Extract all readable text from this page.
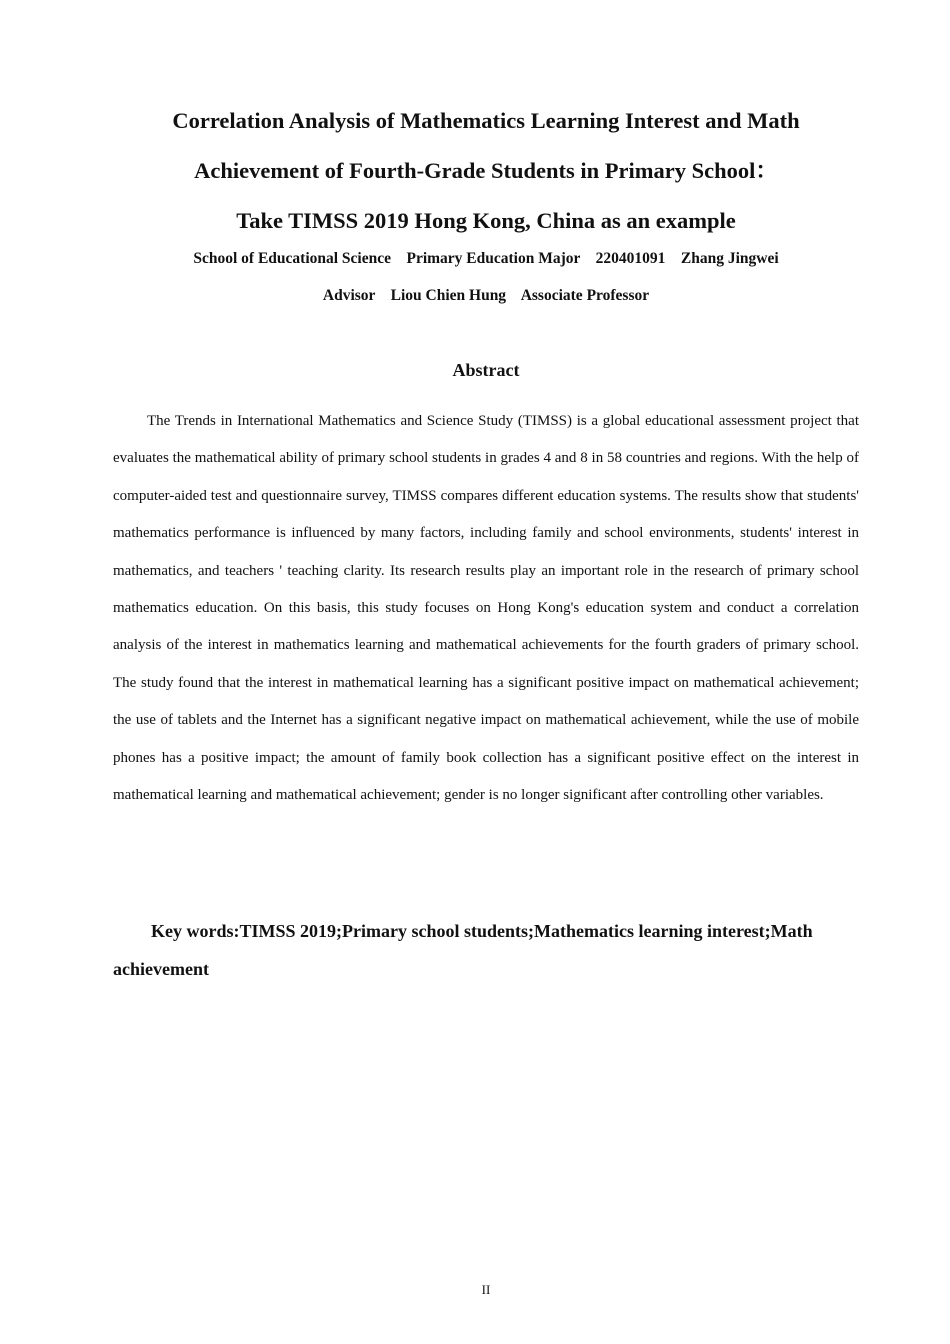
Correlation Analysis of Mathematics Learning Interest and Math
Achievement of Fourth-Grade Students in Primary School：
Take TIMSS 2019 Hong Kong, China as an example
School of Educational Science    Primary Education Major    220401091    Zhang Jingwei
Advisor    Liou Chien Hung    Associate Professor
Abstract

The Trends in International Mathematics and Science Study (TIMSS) is a global educational assessment project that evaluates the mathematical ability of primary school students in grades 4 and 8 in 58 countries and regions. With the help of computer-aided test and questionnaire survey, TIMSS compares different education systems. The results show that students' mathematics performance is influenced by many factors, including family and school environments, students' interest in mathematics, and teachers ' teaching clarity. Its research results play an important role in the research of primary school mathematics education. On this basis, this study focuses on Hong Kong's education system and conduct a correlation analysis of the interest in mathematics learning and mathematical achievements for the fourth graders of primary school. The study found that the interest in mathematical learning has a significant positive impact on mathematical achievement; the use of tablets and the Internet has a significant negative impact on mathematical achievement, while the use of mobile phones has a positive impact; the amount of family book collection has a significant positive effect on the interest in mathematical learning and mathematical achievement; gender is no longer significant after controlling other variables.

Key words:TIMSS 2019;Primary school students;Mathematics learning interest;Math achievement

II
